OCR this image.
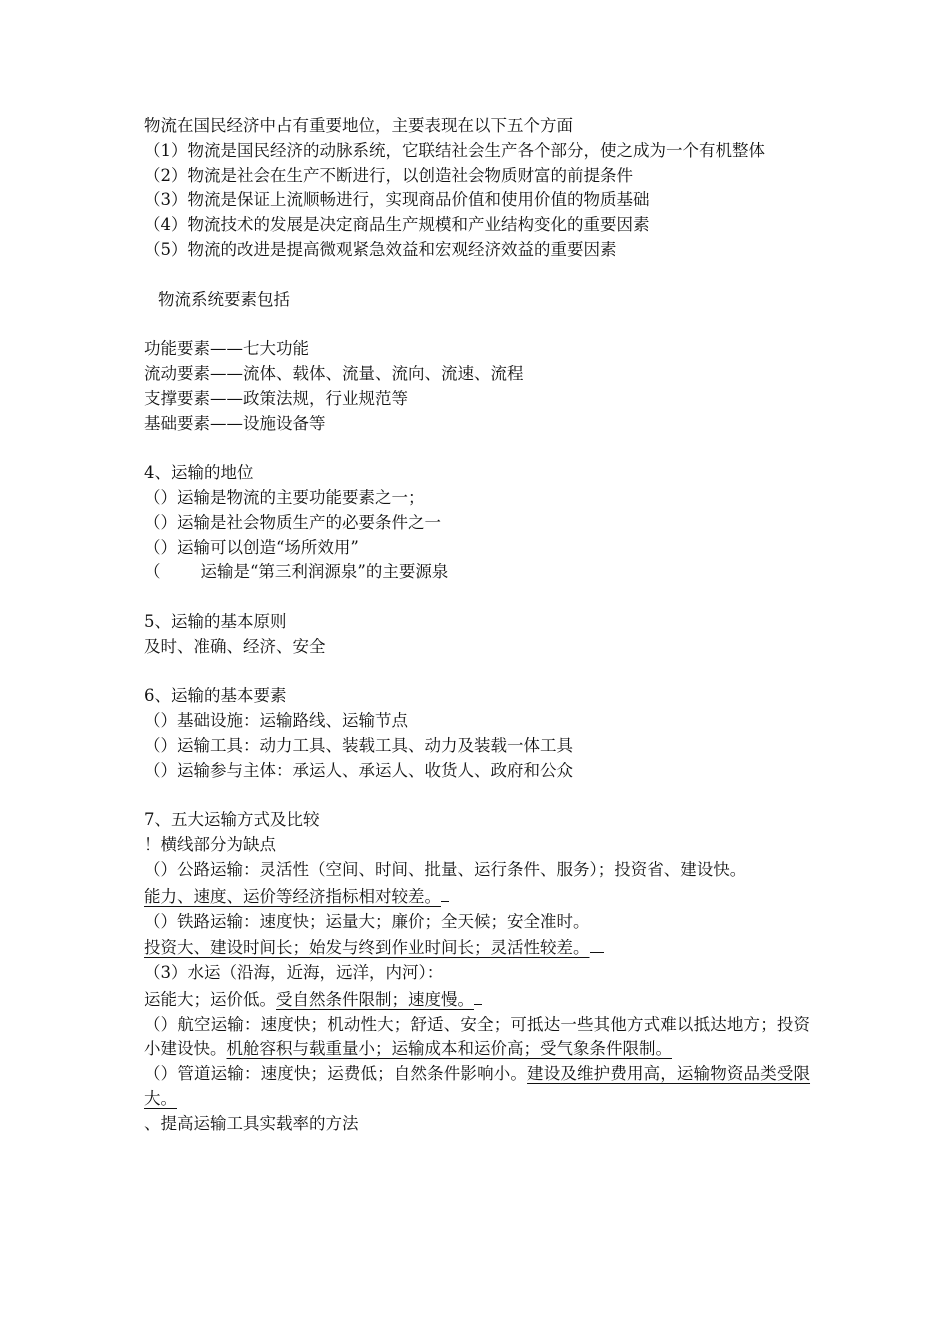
物流在国民经济中占有重要地位，主要表现在以下五个方面
（1）物流是国民经济的动脉系统，它联结社会生产各个部分，使之成为一个有机整体
（2）物流是社会在生产不断进行，以创造社会物质财富的前提条件
（3）物流是保证上流顺畅进行，实现商品价值和使用价值的物质基础
（4）物流技术的发展是决定商品生产规模和产业结构变化的重要因素
（5）物流的改进是提高微观紧急效益和宏观经济效益的重要因素
物流系统要素包括
功能要素——七大功能
流动要素——流体、载体、流量、流向、流速、流程
支撑要素——政策法规，行业规范等
基础要素——设施设备等
4、运输的地位
（）运输是物流的主要功能要素之一；
（）运输是社会物质生产的必要条件之一
（）运输可以创造“场所效用”
（ 运输是“第三利润源泉”的主要源泉
5、运输的基本原则
及时、准确、经济、安全
6、运输的基本要素
（）基础设施：运输路线、运输节点
（）运输工具：动力工具、装载工具、动力及装载一体工具
（）运输参与主体：承运人、承运人、收货人、政府和公众
7、五大运输方式及比较
！横线部分为缺点
（）公路运输：灵活性（空间、时间、批量、运行条件、服务）；投资省、建设快。
能力、速度、运价等经济指标相对较差。
（）铁路运输：速度快；运量大；廉价；全天候；安全准时。
投资大、建设时间长；始发与终到作业时间长；灵活性较差。
（3）水运（沿海，近海，远洋，内河）：
运能大；运价低。受自然条件限制；速度慢。
（）航空运输：速度快；机动性大；舒适、安全；可抵达一些其他方式难以抵达地方；投资小建设快。机舱容积与载重量小；运输成本和运价高；受气象条件限制。
（）管道运输：速度快；运费低；自然条件影响小。建设及维护费用高，运输物资品类受限大。
、提高运输工具实载率的方法
